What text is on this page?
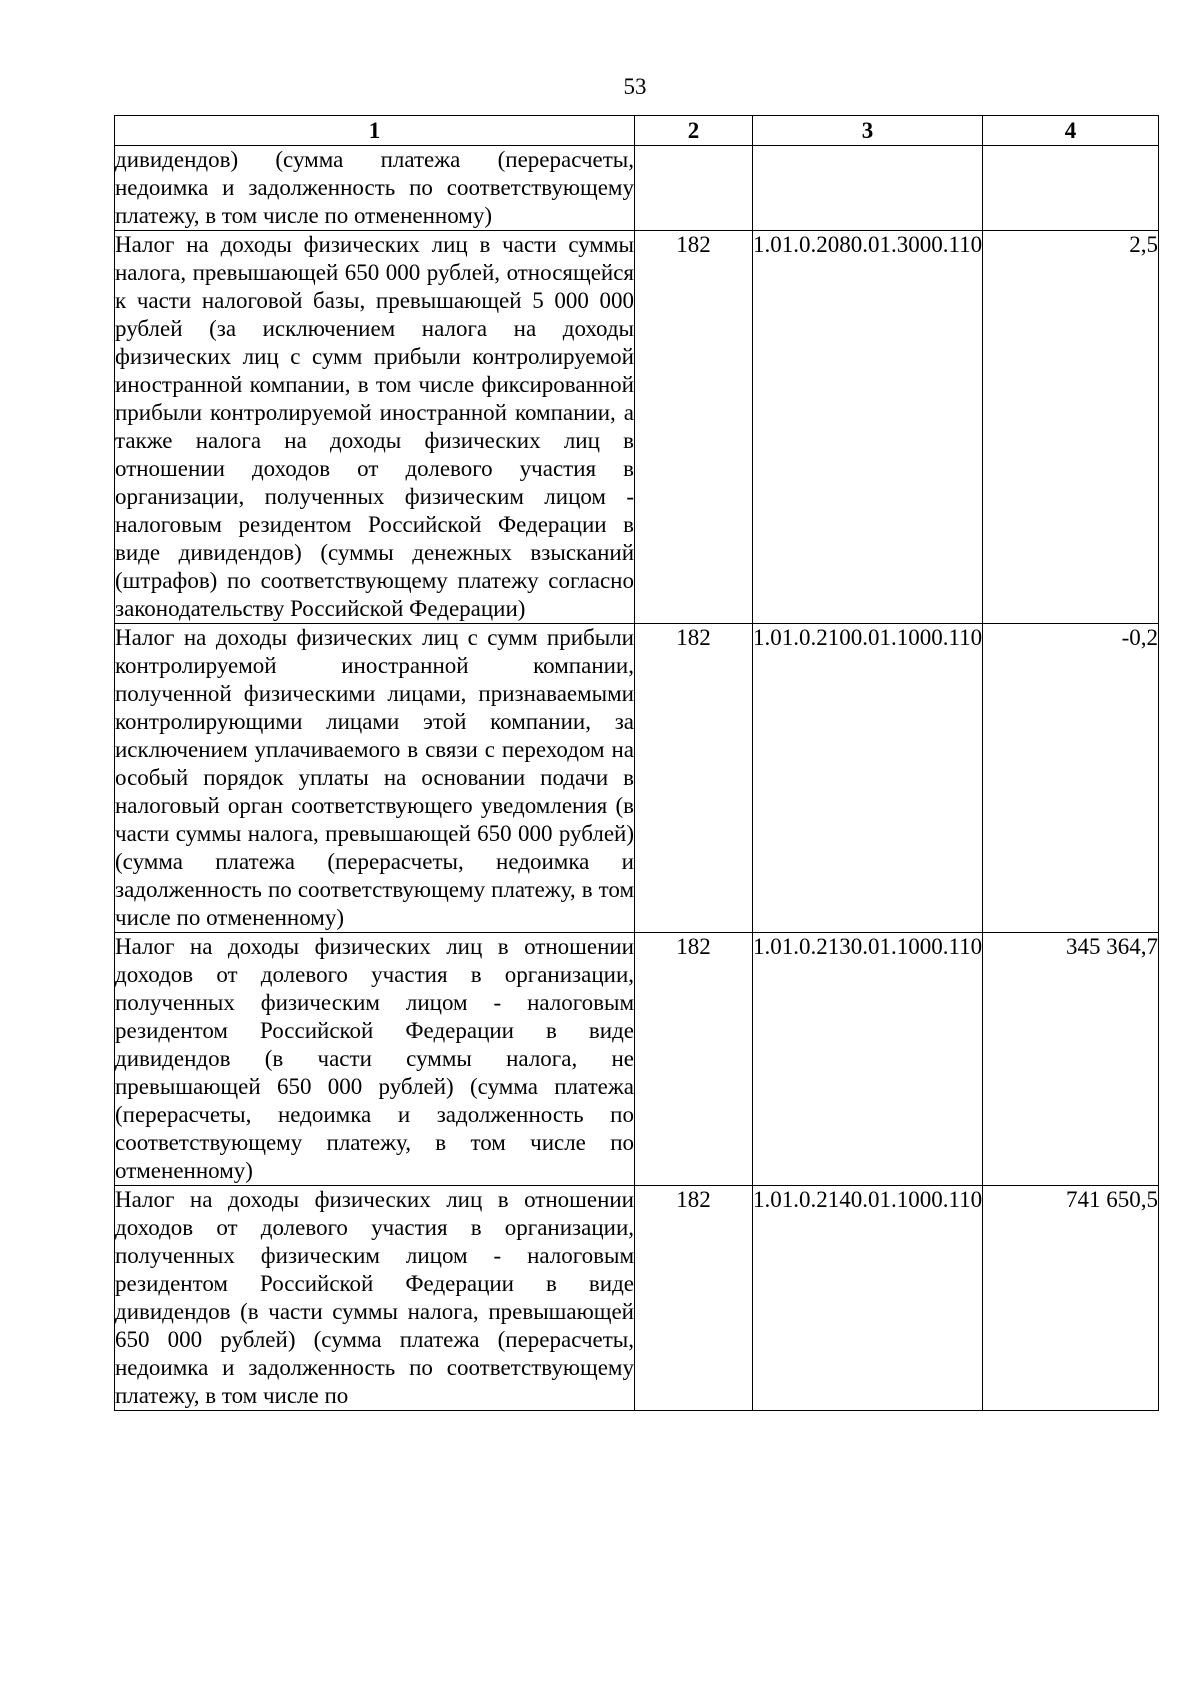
53
1	2	3	4
дивидендов) (сумма платежа (перерасчеты, недоимка и задолженность по соответствующему платежу, в том числе по отмененному)			
Налог на доходы физических лиц в части суммы налога, превышающей 650 000 рублей, относящейся к части налоговой базы, превышающей 5 000 000 рублей (за исключением налога на доходы физических лиц с сумм прибыли контролируемой иностранной компании, в том числе фиксированной прибыли контролируемой иностранной компании, а также налога на доходы физических лиц в отношении доходов от долевого участия в организации, полученных физическим лицом - налоговым резидентом Российской Федерации в виде дивидендов) (суммы денежных взысканий (штрафов) по соответствующему платежу согласно законодательству Российской Федерации)	182	1.01.0.2080.01.3000.110	2,5
Налог на доходы физических лиц с сумм прибыли контролируемой иностранной компании, полученной физическими лицами, признаваемыми контролирующими лицами этой компании, за исключением уплачиваемого в связи с переходом на особый порядок уплаты на основании подачи в налоговый орган соответствующего уведомления (в части суммы налога, превышающей 650 000 рублей) (сумма платежа (перерасчеты, недоимка и задолженность по соответствующему платежу, в том числе по отмененному)	182	1.01.0.2100.01.1000.110	-0,2
Налог на доходы физических лиц в отношении доходов от долевого участия в организации, полученных физическим лицом - налоговым резидентом Российской Федерации в виде дивидендов (в части суммы налога, не превышающей 650 000 рублей) (сумма платежа (перерасчеты, недоимка и задолженность по соответствующему платежу, в том числе по отмененному)	182	1.01.0.2130.01.1000.110	345 364,7
Налог на доходы физических лиц в отношении доходов от долевого участия в организации, полученных физическим лицом - налоговым резидентом Российской Федерации в виде дивидендов (в части суммы налога, превышающей 650 000 рублей) (сумма платежа (перерасчеты, недоимка и задолженность по соответствующему платежу, в том числе по	182	1.01.0.2140.01.1000.110	741 650,5
